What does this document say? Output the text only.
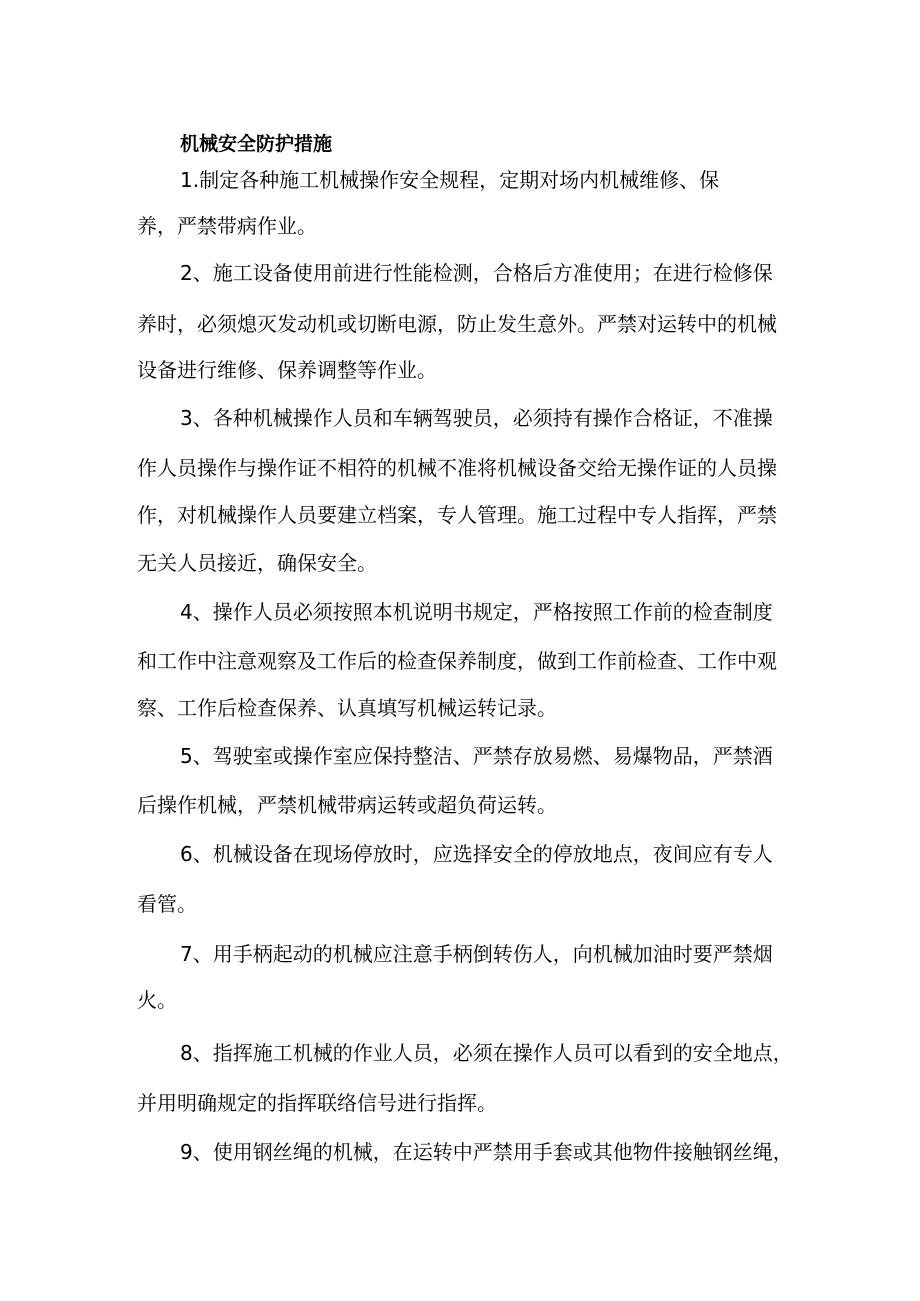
机械安全防护措施
1.制定各种施工机械操作安全规程，定期对场内机械维修、保
养，严禁带病作业。
2、施工设备使用前进行性能检测，合格后方准使用；在进行检修保
养时，必须熄灭发动机或切断电源，防止发生意外。严禁对运转中的机械
设备进行维修、保养调整等作业。
3、各种机械操作人员和车辆驾驶员，必须持有操作合格证，不准操
作人员操作与操作证不相符的机械不准将机械设备交给无操作证的人员操
作，对机械操作人员要建立档案，专人管理。施工过程中专人指挥，严禁
无关人员接近，确保安全。
4、操作人员必须按照本机说明书规定，严格按照工作前的检查制度
和工作中注意观察及工作后的检查保养制度，做到工作前检查、工作中观
察、工作后检查保养、认真填写机械运转记录。
5、驾驶室或操作室应保持整洁、严禁存放易燃、易爆物品，严禁酒
后操作机械，严禁机械带病运转或超负荷运转。
6、机械设备在现场停放时，应选择安全的停放地点，夜间应有专人
看管。
7、用手柄起动的机械应注意手柄倒转伤人，向机械加油时要严禁烟
火。
8、指挥施工机械的作业人员，必须在操作人员可以看到的安全地点，
并用明确规定的指挥联络信号进行指挥。
9、使用钢丝绳的机械，在运转中严禁用手套或其他物件接触钢丝绳，
